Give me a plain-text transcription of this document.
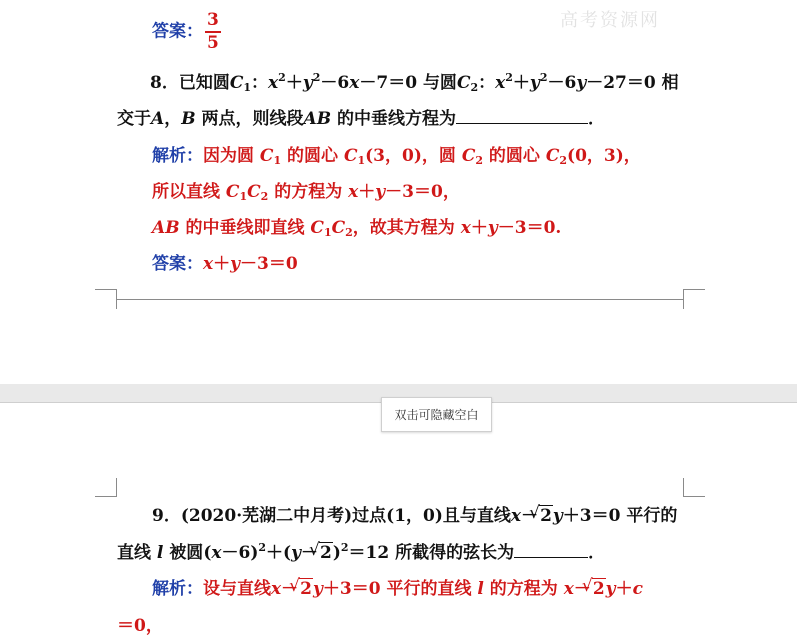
高考资源网
答案： $\frac{3}{5}$
8．已知圆$C_1$：$x^2+y^2-6x-7=0$ 与圆$C_2$：$x^2+y^2-6y-27=0$ 相
交于A，B 两点，则线段AB 的中垂线方程为	．
解析：因为圆 $C_1$ 的圆心 $C_1(3$，0)，圆 $C_2$ 的圆心 $C_2(0$，3)，
所以直线 $C_1C_2$ 的方程为 x＋y－3＝0，
AB 的中垂线即直线 $C_1C_2$，故其方程为 x＋y－3＝0.
答案：x＋y－3＝0
9．(2020·芜湖二中月考)过点(1，0)且与直线x－√ 2y＋3＝0 平行的
直线 l 被圆$(x-6)^2+(y-√$ 2)$^2$＝12 所截得的弦长为	．
解析：设与直线x－√ 2y＋3＝0 平行的直线 l 的方程为 x－√ 2y＋c
＝0，
双击可隐藏空白
